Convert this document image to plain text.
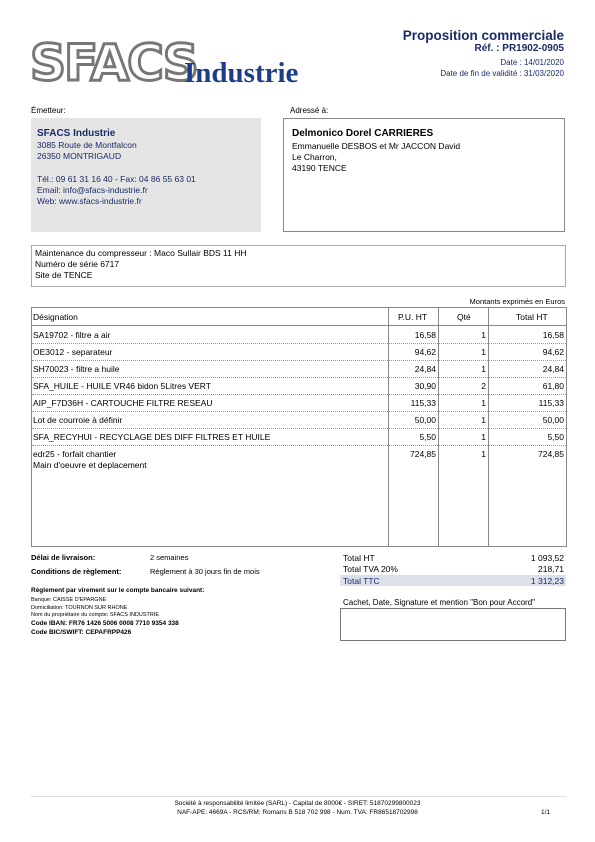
SFACS
Industrie
Proposition commerciale
Réf. : PR1902-0905
Date : 14/01/2020
Date de fin de validité : 31/03/2020
Émetteur:	Adressé à:
SFACS Industrie
3085 Route de Montfalcon
26350 MONTRIGAUD
Tél.: 09 61 31 16 40 - Fax: 04 86 55 63 01
Email: info@sfacs-industrie.fr
Web: www.sfacs-industrie.fr
Delmonico Dorel CARRIERES
Emmanuelle DESBOS et Mr JACCON David
Le Charron,
43190 TENCE
Maintenance du compresseur : Maco Sullair BDS 11 HH
Numéro de série 6717
Site de TENCE
Montants exprimés en Euros
Désignation	P.U. HT	Qté	Total HT
SA19702 - filtre a air	16,58	1	16,58
OE3012 - separateur	94,62	1	94,62
SH70023 - filtre a huile	24,84	1	24,84
SFA_HUILE - HUILE VR46 bidon 5Litres VERT	30,90	2	61,80
AIP_F7D36H - CARTOUCHE FILTRE RESEAU	115,33	1	115,33
Lot de courroie à définir	50,00	1	50,00
SFA_RECYHUI - RECYCLAGE DES DIFF FILTRES ET HUILE	5,50	1	5,50
edr25 - forfait chantier
Main d'oeuvre et deplacement
724,85	1	724,85
Délai de livraison:	2 semaines
Conditions de règlement:	Règlement à 30 jours fin de mois
Règlement par virement sur le compte bancaire suivant:
Banque: CAISSE D'EPARGNE
Domiciliation: TOURNON SUR RHONE
Nom du propriétaire du compte: SFACS INDUSTRIE
Code IBAN: FR76 1426 5006 0008 7710 9354 338
Code BIC/SWIFT: CEPAFRPP426
Total HT	1 093,52
Total TVA 20%	218,71
Total TTC	1 312,23
Cachet, Date, Signature et mention "Bon pour Accord"
Société à responsabilité limitée (SARL) - Capital de 8000€ - SIRET: 51870299800023
NAF-APE: 4669A - RCS/RM: Romans B 518 702 998 - Num. TVA: FR86518702998	1/1
